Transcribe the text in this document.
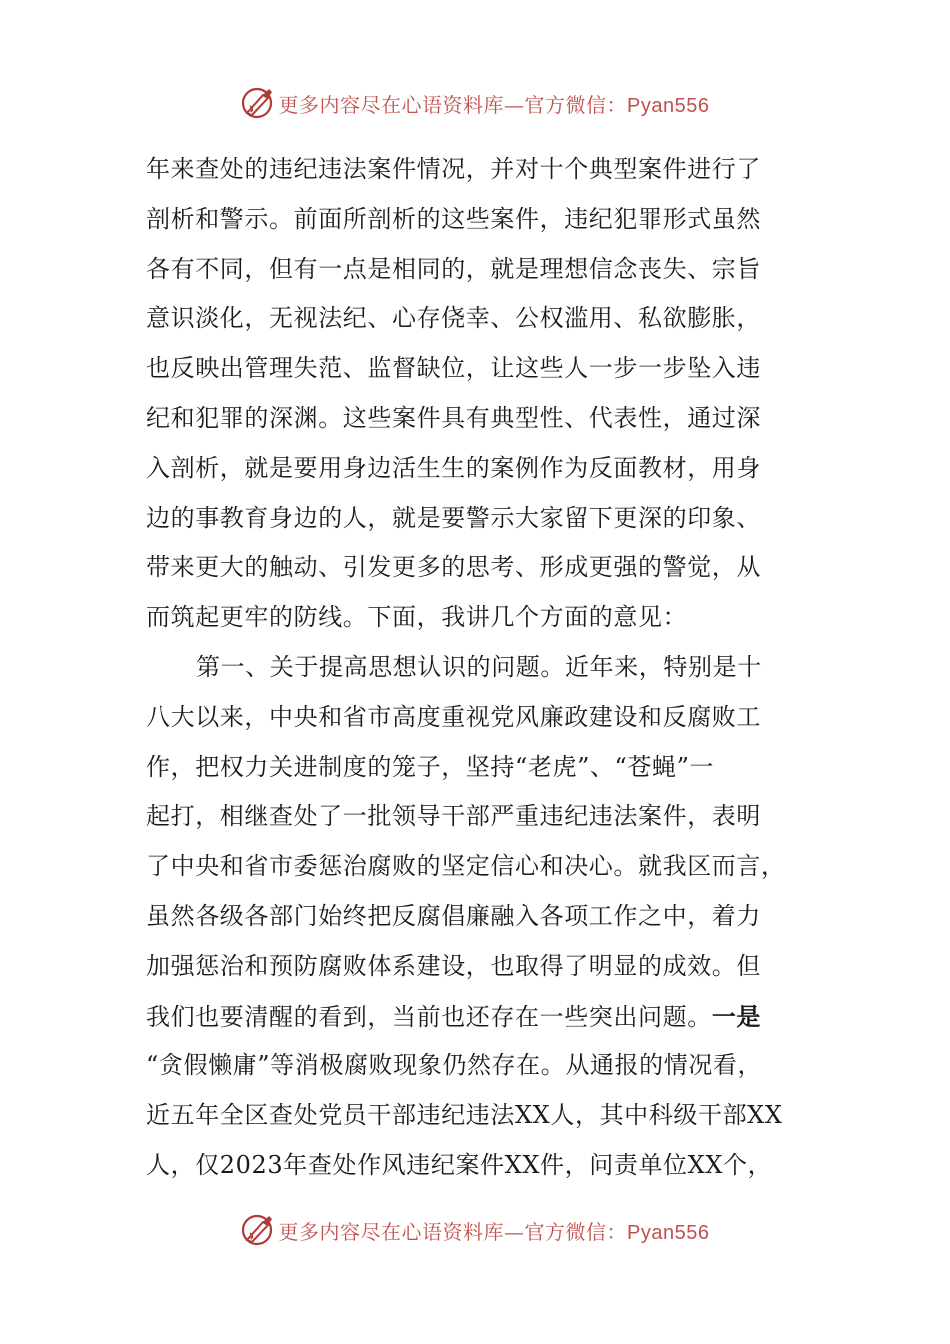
更多内容尽在心语资料库—官方微信：Pyan556
年来查处的违纪违法案件情况，并对十个典型案件进行了
剖析和警示。前面所剖析的这些案件，违纪犯罪形式虽然
各有不同，但有一点是相同的，就是理想信念丧失、宗旨
意识淡化，无视法纪、心存侥幸、公权滥用、私欲膨胀，
也反映出管理失范、监督缺位，让这些人一步一步坠入违
纪和犯罪的深渊。这些案件具有典型性、代表性，通过深
入剖析，就是要用身边活生生的案例作为反面教材，用身
边的事教育身边的人，就是要警示大家留下更深的印象、
带来更大的触动、引发更多的思考、形成更强的警觉，从
而筑起更牢的防线。下面，我讲几个方面的意见：
第一、关于提高思想认识的问题。近年来，特别是十
八大以来，中央和省市高度重视党风廉政建设和反腐败工
作，把权力关进制度的笼子，坚持“老虎”、“苍蝇”一
起打，相继查处了一批领导干部严重违纪违法案件，表明
了中央和省市委惩治腐败的坚定信心和决心。就我区而言，
虽然各级各部门始终把反腐倡廉融入各项工作之中，着力
加强惩治和预防腐败体系建设，也取得了明显的成效。但
我们也要清醒的看到，当前也还存在一些突出问题。一是
“贪假懒庸”等消极腐败现象仍然存在。从通报的情况看，
近五年全区查处党员干部违纪违法XX人，其中科级干部XX
人，仅2023年查处作风违纪案件XX件，问责单位XX个，
更多内容尽在心语资料库—官方微信：Pyan556
